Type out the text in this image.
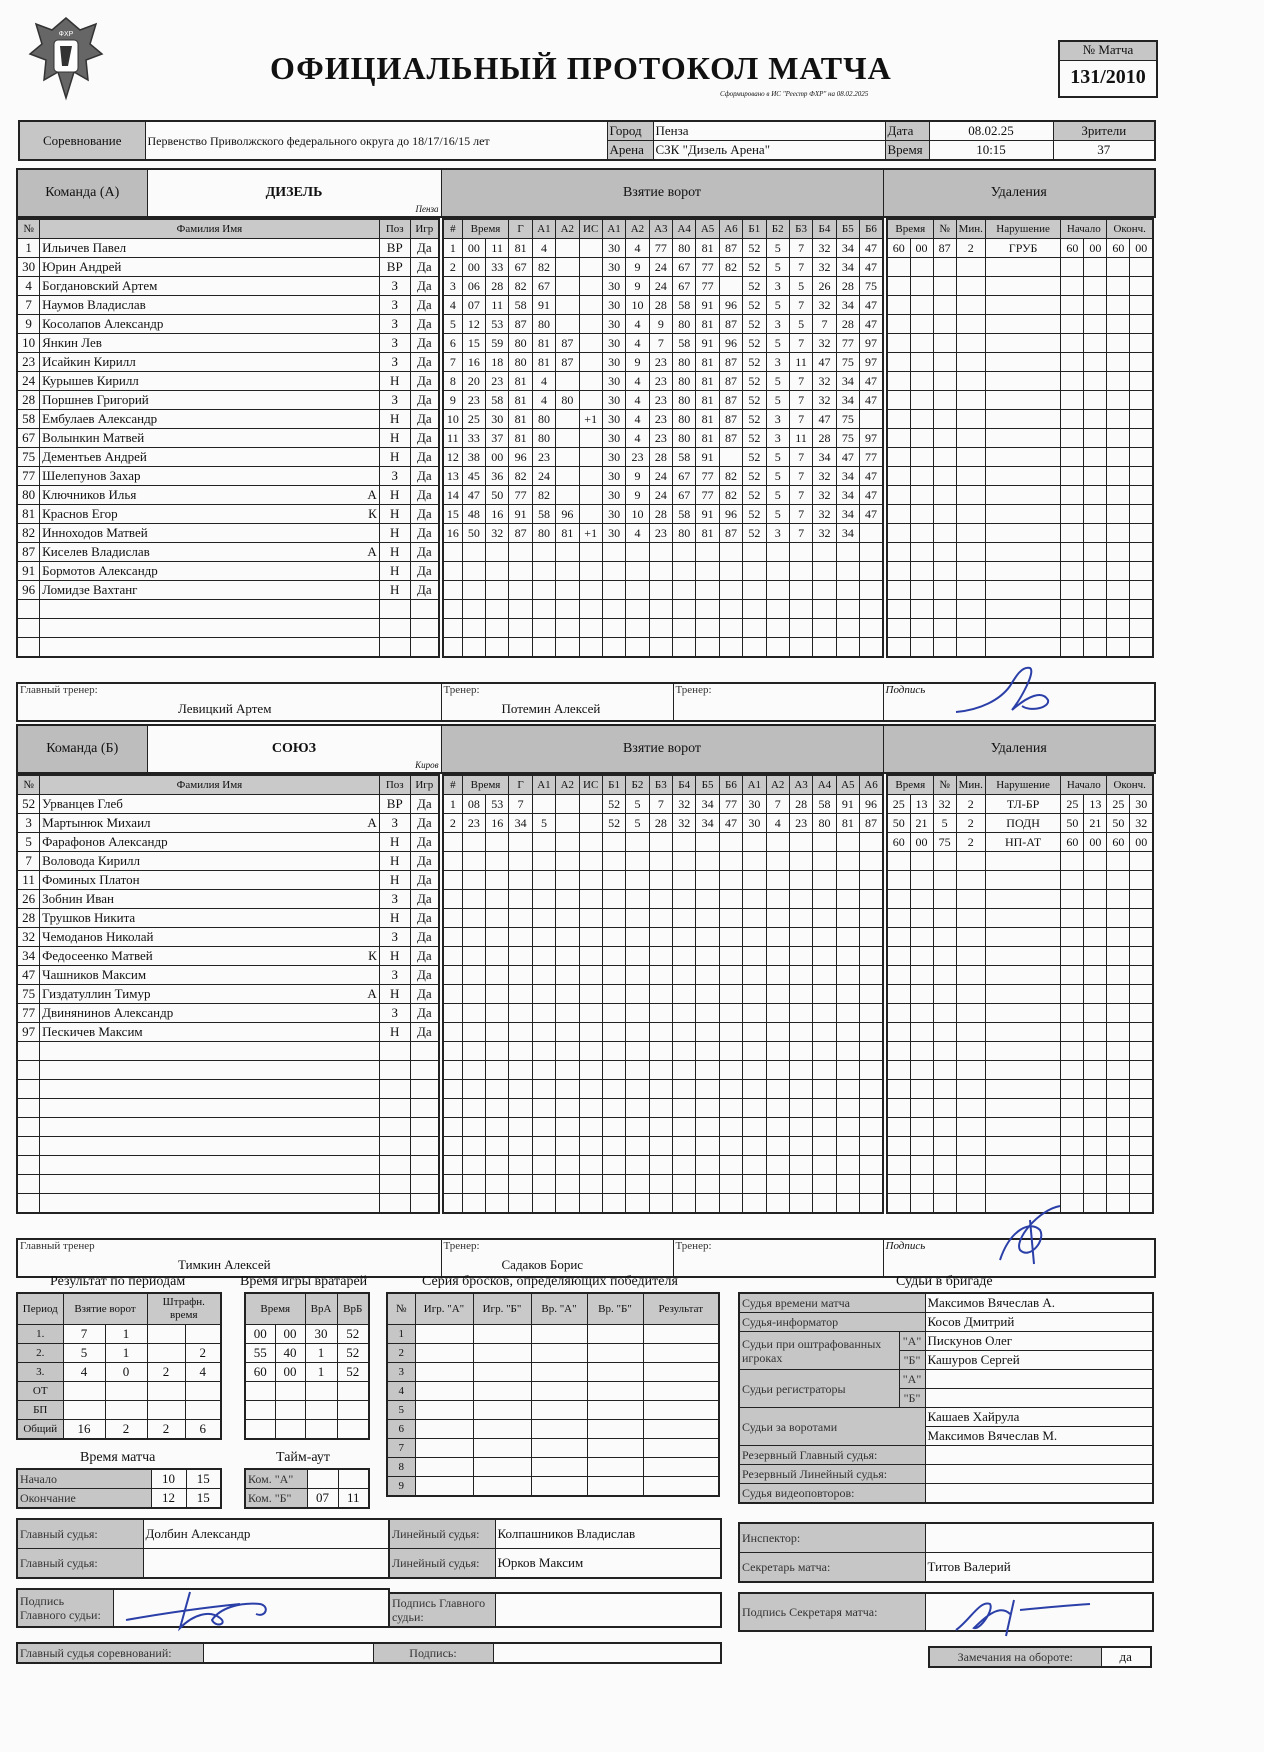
ФХР
ОФИЦИАЛЬНЫЙ ПРОТОКОЛ МАТЧА
Сформировано в ИС "Реестр ФХР" на 08.02.2025
№ Матча
131/2010
Соревнование	Первенство Приволжского федерального округа до 18/17/16/15 лет	Город	Пенза	Дата	08.02.25	Зрители
		Арена	СЗК "Дизель Арена"	Время	10:15	37
Команда (А)	ДИЗЕЛЬ
Пенза
	Взятие ворот	Удаления
№	Фамилия Имя		Поз	Игр
1	Ильичев Павел		ВР	Да
30	Юрин Андрей		ВР	Да
4	Богдановский Артем		З	Да
7	Наумов Владислав		З	Да
9	Косолапов Александр		З	Да
10	Янкин Лев		З	Да
23	Исайкин Кирилл		З	Да
24	Курышев Кирилл		Н	Да
28	Поршнев Григорий		З	Да
58	Ембулаев Александр		Н	Да
67	Волынкин Матвей		Н	Да
75	Дементьев Андрей		Н	Да
77	Шелепунов Захар		З	Да
80	Ключников Илья А		Н	Да
81	Краснов Егор К		Н	Да
82	Инноходов Матвей		Н	Да
87	Киселев Владислав А		Н	Да
91	Бормотов Александр		Н	Да
96	Ломидзе Вахтанг		Н	Да

#	Время		Г	А1	А2	ИС	А1	А2	А3	А4	А5	А6	Б1	Б2	Б3	Б4	Б5	Б6
1	00	11	81	4			30	4	77	80	81	87	52	5	7	32	34	47
2	00	33	67	82			30	9	24	67	77	82	52	5	7	32	34	47
3	06	28	82	67			30	9	24	67	77		52	3	5	26	28	75
4	07	11	58	91			30	10	28	58	91	96	52	5	7	32	34	47
5	12	53	87	80			30	4	9	80	81	87	52	3	5	7	28	47
6	15	59	80	81	87		30	4	7	58	91	96	52	5	7	32	77	97
7	16	18	80	81	87		30	9	23	80	81	87	52	3	11	47	75	97
8	20	23	81	4			30	4	23	80	81	87	52	5	7	32	34	47
9	23	58	81	4	80		30	4	23	80	81	87	52	5	7	32	34	47
10	25	30	81	80		+1	30	4	23	80	81	87	52	3	7	47	75	
11	33	37	81	80			30	4	23	80	81	87	52	3	11	28	75	97
12	38	00	96	23			30	23	28	58	91		52	5	7	34	47	77
13	45	36	82	24			30	9	24	67	77	82	52	5	7	32	34	47
14	47	50	77	82			30	9	24	67	77	82	52	5	7	32	34	47
15	48	16	91	58	96		30	10	28	58	91	96	52	5	7	32	34	47
16	50	32	87	80	81	+1	30	4	23	80	81	87	52	3	7	32	34	

Время		№	Мин.	Нарушение	Начало		Оконч.	
60	00	87	2	ГРУБ	60	00	60	00

Главный тренер:
Левицкий Артем

Тренер:
Потемин Алексей

Тренер:	Подпись
Команда (Б)	СОЮЗ
Киров
	Взятие ворот	Удаления
№	Фамилия Имя		Поз	Игр
52	Урванцев Глеб		ВР	Да
3	Мартынюк Михаил А		З	Да
5	Фарафонов Александр		Н	Да
7	Воловода Кирилл		Н	Да
11	Фоминых Платон		Н	Да
26	Зобнин Иван		З	Да
28	Трушков Никита		Н	Да
32	Чемоданов Николай		З	Да
34	Федосеенко Матвей К		Н	Да
47	Чашников Максим		З	Да
75	Гиздатуллин Тимур А		Н	Да
77	Двинянинов Александр		З	Да
97	Пескичев Максим		Н	Да

#	Время		Г	А1	А2	ИС	Б1	Б2	Б3	Б4	Б5	Б6	А1	А2	А3	А4	А5	А6
1	08	53	7				52	5	7	32	34	77	30	7	28	58	91	96
2	23	16	34	5			52	5	28	32	34	47	30	4	23	80	81	87

Время		№	Мин.	Нарушение	Начало		Оконч.	
25	13	32	2	ТЛ-БР	25	13	25	30
50	21	5	2	ПОДН	50	21	50	32
60	00	75	2	НП-АТ	60	00	60	00

Главный тренер
Тимкин Алексей

Тренер:
Садаков Борис

Тренер:	Подпись
Результат по периодам
Период	Взятие ворот		Штрафн. время	
1.	7	1		
2.	5	1		2
3.	4	0	2	4
ОТ				
БП				
Общий	16	2	2	6
Время игры вратарей
Время		ВрА	ВрБ
00	00	30	52
55	40	1	52
60	00	1	52

Время матча
Начало	10	15
Окончание	12	15
Тайм-аут
Ком. "А"		
Ком. "Б"	07	11
Серия бросков, определяющих победителя
№	Игр. "А"	Игр. "Б"	Вр. "А"	Вр. "Б"	Результат
1					
2					
3					
4					
5					
6					
7					
8					
9					
Судьи в бригаде
Судья времени матча		Максимов Вячеслав А.
Судья-информатор		Косов Дмитрий
Судьи при оштрафованных игроках	"А"	Пискунов Олег
	"Б"	Кашуров Сергей
Судьи регистраторы	"А"	
	"Б"	
Судьи за воротами		Кашаев Хайрула
		Максимов Вячеслав М.
Резервный Главный судья:		
Резервный Линейный судья:		
Судья видеоповторов:		
Главный судья:	Долбин Александр
Главный судья:	
Линейный судья:	Колпашников Владислав
Линейный судья:	Юрков Максим
Инспектор:	
Секретарь матча:	Титов Валерий
Подпись Главного судьи:	
Подпись Главного судьи:		Подпись Секретаря матча:	
Главный судья соревнований:		Подпись:		Замечания на обороте:	да
